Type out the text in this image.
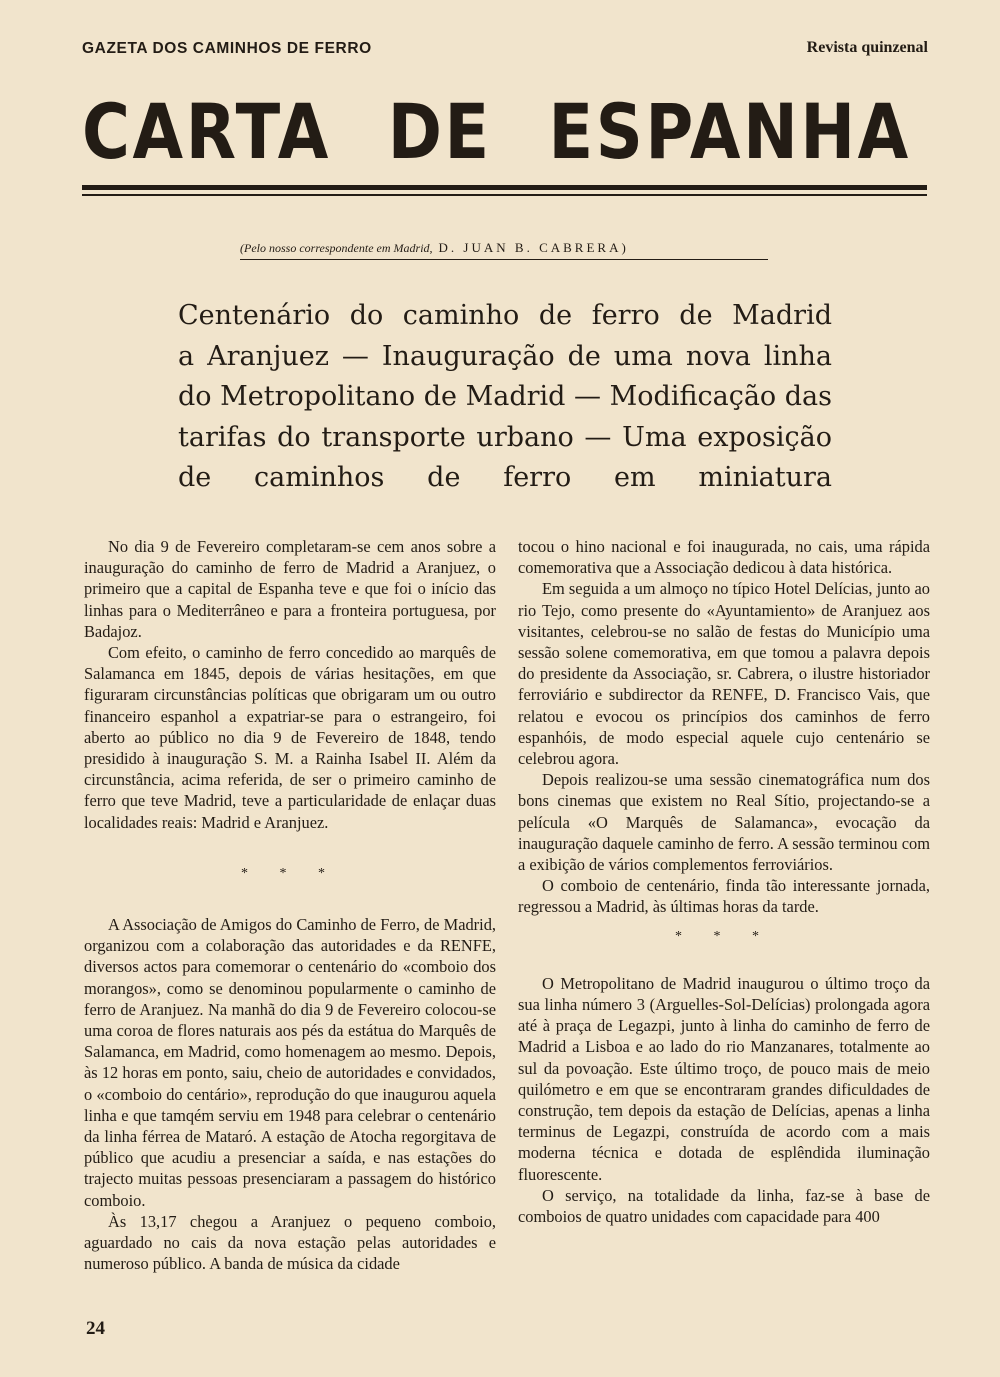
GAZETA DOS CAMINHOS DE FERRO	Revista quinzenal
CARTA DE ESPANHA
(Pelo nosso correspondente em Madrid, D. JUAN B. CABRERA)
Centenário do caminho de ferro de Madrid
a Aranjuez — Inauguração de uma nova linha
do Metropolitano de Madrid — Modificação das
tarifas do transporte urbano — Uma exposição
de caminhos de ferro em miniatura

No dia 9 de Fevereiro completaram-se cem anos sobre a inauguração do caminho de ferro de Madrid a Aranjuez, o primeiro que a capital de Espanha teve e que foi o início das linhas para o Mediterrâneo e para a fronteira portuguesa, por Badajoz.

Com efeito, o caminho de ferro concedido ao marquês de Salamanca em 1845, depois de várias hesitações, em que figuraram circunstâncias políticas que obrigaram um ou outro financeiro espanhol a expatriar-se para o estrangeiro, foi aberto ao público no dia 9 de Fevereiro de 1848, tendo presidido à inauguração S. M. a Rainha Isabel II. Além da circunstância, acima referida, de ser o primeiro caminho de ferro que teve Madrid, teve a particularidade de enlaçar duas localidades reais: Madrid e Aranjuez.

* * *

A Associação de Amigos do Caminho de Ferro, de Madrid, organizou com a colaboração das autoridades e da RENFE, diversos actos para comemorar o centenário do «comboio dos morangos», como se denominou popularmente o caminho de ferro de Aranjuez. Na manhã do dia 9 de Fevereiro colocou-se uma coroa de flores naturais aos pés da estátua do Marquês de Salamanca, em Madrid, como homenagem ao mesmo. Depois, às 12 horas em ponto, saiu, cheio de autoridades e convidados, o «comboio do centário», reprodução do que inaugurou aquela linha e que tamqém serviu em 1948 para celebrar o centenário da linha férrea de Mataró. A estação de Atocha regorgitava de público que acudiu a presenciar a saída, e nas estações do trajecto muitas pessoas presenciaram a passagem do histórico comboio.

Às 13,17 chegou a Aranjuez o pequeno comboio, aguardado no cais da nova estação pelas autoridades e numeroso público. A banda de música da cidade

tocou o hino nacional e foi inaugurada, no cais, uma rápida comemorativa que a Associação dedicou à data histórica.

Em seguida a um almoço no típico Hotel Delícias, junto ao rio Tejo, como presente do «Ayuntamiento» de Aranjuez aos visitantes, celebrou-se no salão de festas do Município uma sessão solene comemorativa, em que tomou a palavra depois do presidente da Associação, sr. Cabrera, o ilustre historiador ferroviário e subdirector da RENFE, D. Francisco Vais, que relatou e evocou os princípios dos caminhos de ferro espanhóis, de modo especial aquele cujo centenário se celebrou agora.

Depois realizou-se uma sessão cinematográfica num dos bons cinemas que existem no Real Sítio, projectando-se a película «O Marquês de Salamanca», evocação da inauguração daquele caminho de ferro. A sessão terminou com a exibição de vários complementos ferroviários.

O comboio de centenário, finda tão interessante jornada, regressou a Madrid, às últimas horas da tarde.

* * *

O Metropolitano de Madrid inaugurou o último troço da sua linha número 3 (Arguelles-Sol-Delícias) prolongada agora até à praça de Legazpi, junto à linha do caminho de ferro de Madrid a Lisboa e ao lado do rio Manzanares, totalmente ao sul da povoação. Este último troço, de pouco mais de meio quilómetro e em que se encontraram grandes dificuldades de construção, tem depois da estação de Delícias, apenas a linha terminus de Legazpi, construída de acordo com a mais moderna técnica e dotada de esplêndida iluminação fluorescente.

O serviço, na totalidade da linha, faz-se à base de comboios de quatro unidades com capacidade para 400

24
